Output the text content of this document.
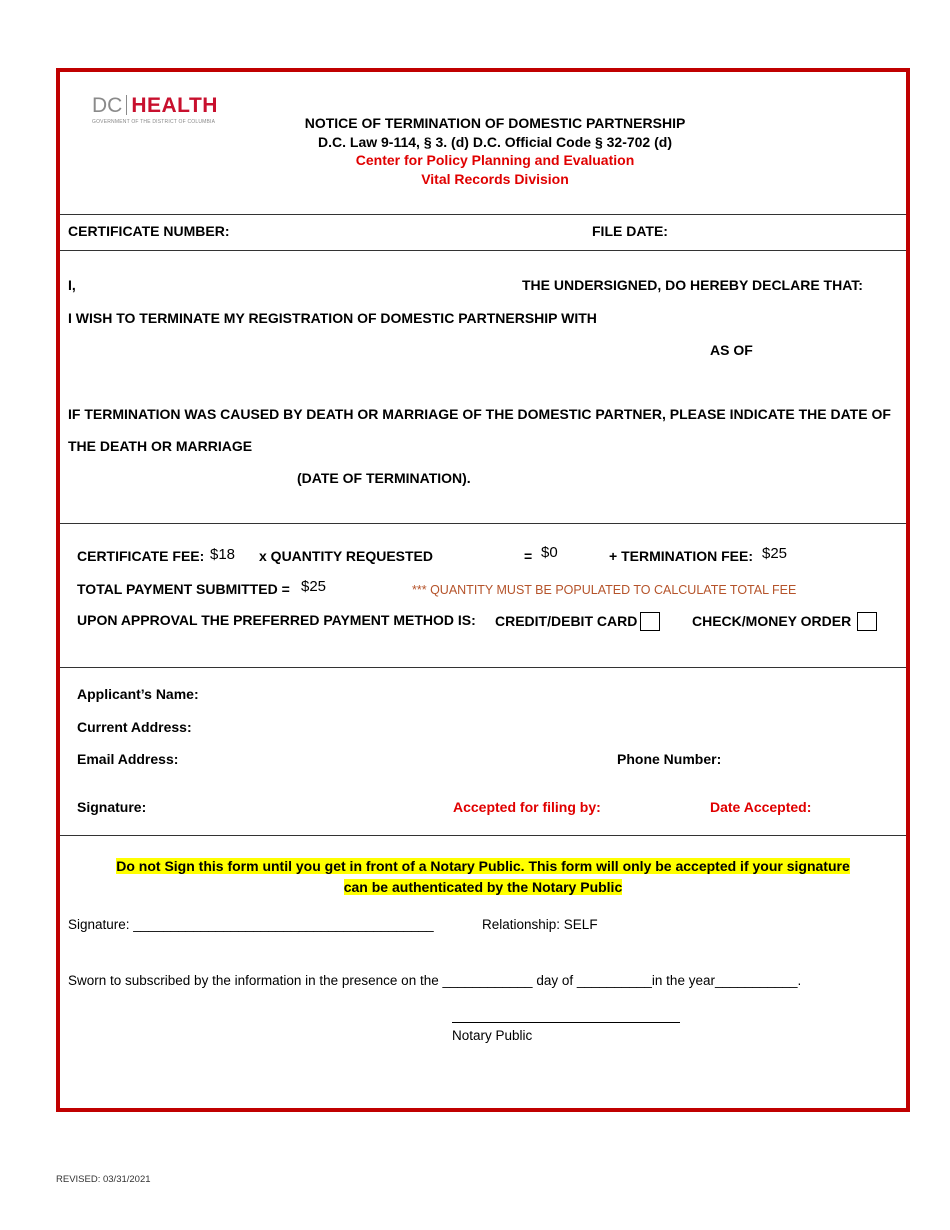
DC HEALTH
GOVERNMENT OF THE DISTRICT OF COLUMBIA	NOTICE OF TERMINATION OF DOMESTIC PARTNERSHIP
D.C. Law 9-114, § 3. (d) D.C. Official Code § 32-702 (d)
Center for Policy Planning and Evaluation
Vital Records Division
CERTIFICATE NUMBER:	FILE DATE:
I,	THE UNDERSIGNED, DO HEREBY DECLARE THAT:
I WISH TO TERMINATE MY REGISTRATION OF DOMESTIC PARTNERSHIP WITH
AS OF
IF TERMINATION WAS CAUSED BY DEATH OR MARRIAGE OF THE DOMESTIC PARTNER, PLEASE INDICATE THE DATE OF
THE DEATH OR MARRIAGE
(DATE OF TERMINATION).
CERTIFICATE FEE: $18 x QUANTITY REQUESTED	= $0	+ TERMINATION FEE: $25
TOTAL PAYMENT SUBMITTED = $25	*** QUANTITY MUST BE POPULATED TO CALCULATE TOTAL FEE
UPON APPROVAL THE PREFERRED PAYMENT METHOD IS: CREDIT/DEBIT CARD	CHECK/MONEY ORDER
Applicant’s Name:
Current Address:
Email Address:	Phone Number:
Signature:	Accepted for filing by:	Date Accepted:
Do not Sign this form until you get in front of a Notary Public. This form will only be accepted if your signature
can be authenticated by the Notary Public
Signature: ________________________________________	Relationship: SELF
Sworn to subscribed by the information in the presence on the ____________ day of __________in the year___________.
Notary Public
REVISED: 03/31/2021
